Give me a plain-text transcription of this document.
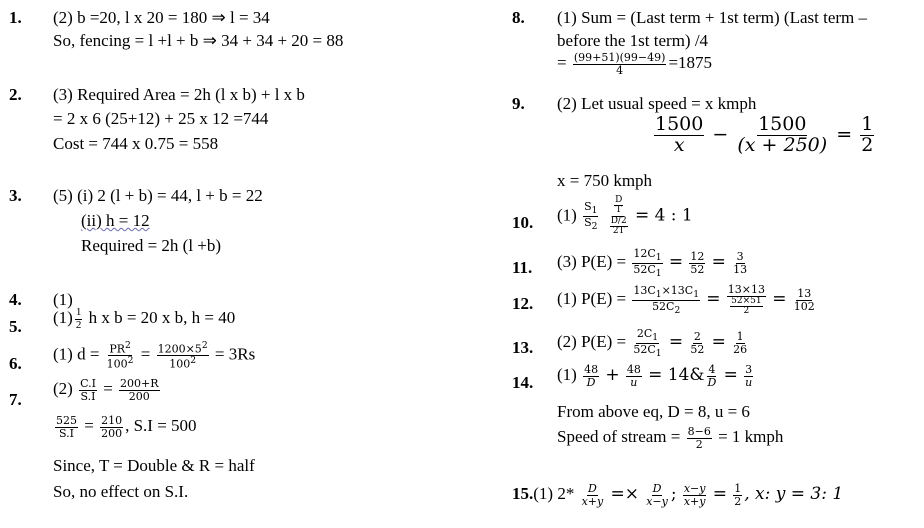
1. (2) b =20, l x 20 = 180 ⇒ l = 34
So, fencing = l +l + b ⇒ 34 + 34 + 20 = 88
2. (3) Required Area = 2h (l x b) + l x b
= 2 x 6 (25+12) + 25 x 12 =744
Cost = 744 x 0.75 = 558
3. (5) (i) 2 (l + b) = 44, l + b = 22
(ii) h = 12
Required = 2h (l +b)
4. (1)
5. $(1) \frac{1}{2}$ h x b = 20 x b, h = 40
6. (1) $d = \frac{PR^2}{100^2} = \frac{1200\times 5^2}{100^2} = 3Rs$
7.
$(2) \frac{C.I}{S.I} = \frac{200+R}{200}$
$\frac{525}{S.I} = \frac{210}{200}$ , S.I = 500
Since, T = Double & R = half
So, no effect on S.I.
8. (1) Sum = (Last term + 1st term) (Last term –
before the 1st term) /4
= $\frac{(99+51)(99-49)}{4} =1875$
9. (2) Let usual speed = x kmph
$\frac{1500}{x} - \frac{1500}{(x + 250)} = \frac{1}{2}$
x = 750 kmph
10. $(1) \frac{S_1}{S_2}$
$\frac{\frac{D}{T}}{\frac{D/2}{2T}} = 4$ : 1
11. (3) $P(E) = \frac{12C_1}{52C_1} = \frac{12}{52} = \frac{3}{13}$
12. (1) $P(E) = \frac{13C_1\times 13C_1}{52C_2} = \frac{13\times 13}{\frac{52\times 51}{2}} = \frac{13}{102}$
13. (2) $P(E) = \frac{2C_1}{52C_1} = \frac{2}{52} = \frac{1}{26}$
14. $(1) \frac{48}{D} + \frac{48}{u}$ = 14& $\frac{4}{D} = \frac{3}{u}$
From above eq, D = 8, u = 6
Speed of stream = $\frac{8-6}{2} = 1$ kmph
15.(1) $2* \frac{D}{x+y} =\times \frac{D}{x-y}$ ; $\frac{x-y}{x+y} = \frac{1}{2}$ , x: y = 3: 1
